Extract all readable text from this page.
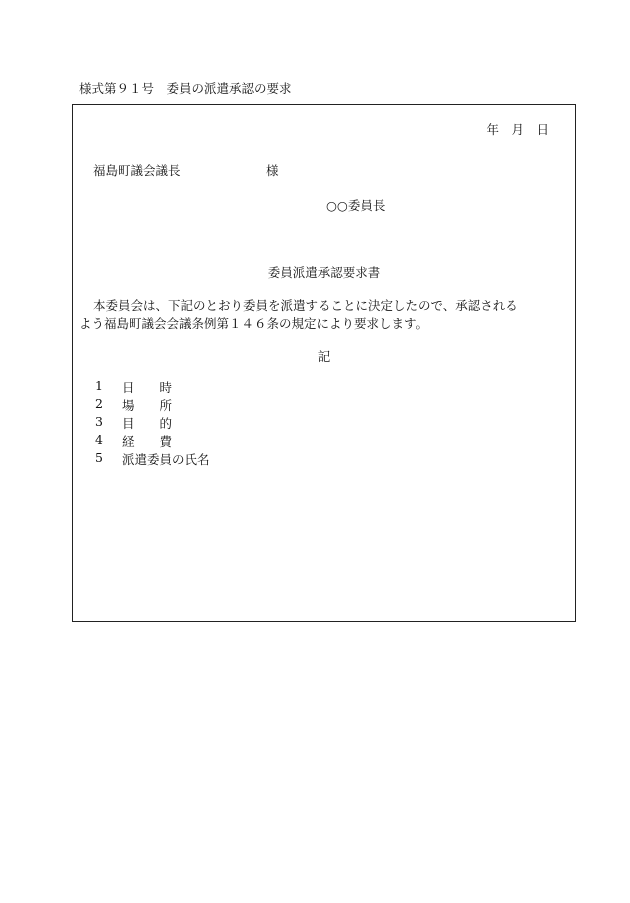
様式第９１号　委員の派遣承認の要求
年　月　日
福島町議会議長	様
○○委員長
委員派遣承認要求書
本委員会は、下記のとおり委員を派遣することに決定したので、承認される
よう福島町議会会議条例第１４６条の規定により要求します。
記
1	日　　時
2	場　　所
3	目　　的
4	経　　費
5	派遣委員の氏名
